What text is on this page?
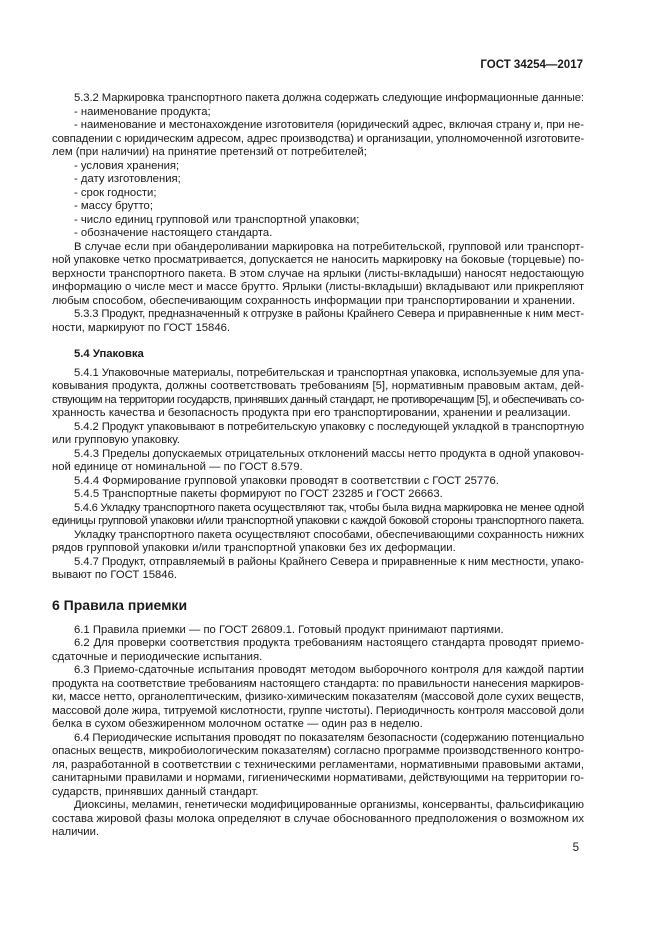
ГОСТ 34254—2017
5.3.2 Маркировка транспортного пакета должна содержать следующие информационные данные:
- наименование продукта;
- наименование и местонахождение изготовителя (юридический адрес, включая страну и, при не-
совпадении с юридическим адресом, адрес производства) и организации, уполномоченной изготовите-
лем (при наличии) на принятие претензий от потребителей;
- условия хранения;
- дату изготовления;
- срок годности;
- массу брутто;
- число единиц групповой или транспортной упаковки;
- обозначение настоящего стандарта.
В случае если при обандероливании маркировка на потребительской, групповой или транспорт-
ной упаковке четко просматривается, допускается не наносить маркировку на боковые (торцевые) по-
верхности транспортного пакета. В этом случае на ярлыки (листы-вкладыши) наносят недостающую
информацию о числе мест и массе брутто. Ярлыки (листы-вкладыши) вкладывают или прикрепляют
любым способом, обеспечивающим сохранность информации при транспортировании и хранении.
5.3.3 Продукт, предназначенный к отгрузке в районы Крайнего Севера и приравненные к ним мест-
ности, маркируют по ГОСТ 15846.
5.4 Упаковка
5.4.1 Упаковочные материалы, потребительская и транспортная упаковка, используемые для упа-
ковывания продукта, должны соответствовать требованиям [5], нормативным правовым актам, дей-
ствующим на территории государств, принявших данный стандарт, не противоречащим [5], и обеспечивать со-
хранность качества и безопасность продукта при его транспортировании, хранении и реализации.
5.4.2 Продукт упаковывают в потребительскую упаковку с последующей укладкой в транспортную
или групповую упаковку.
5.4.3 Пределы допускаемых отрицательных отклонений массы нетто продукта в одной упаковоч-
ной единице от номинальной — по ГОСТ 8.579.
5.4.4 Формирование групповой упаковки проводят в соответствии с ГОСТ 25776.
5.4.5 Транспортные пакеты формируют по ГОСТ 23285 и ГОСТ 26663.
5.4.6 Укладку транспортного пакета осуществляют так, чтобы была видна маркировка не менее одной
единицы групповой упаковки и/или транспортной упаковки с каждой боковой стороны транспортного пакета.
Укладку транспортного пакета осуществляют способами, обеспечивающими сохранность нижних
рядов групповой упаковки и/или транспортной упаковки без их деформации.
5.4.7 Продукт, отправляемый в районы Крайнего Севера и приравненные к ним местности, упако-
вывают по ГОСТ 15846.
6 Правила приемки
6.1 Правила приемки — по ГОСТ 26809.1. Готовый продукт принимают партиями.
6.2 Для проверки соответствия продукта требованиям настоящего стандарта проводят приемо-
сдаточные и периодические испытания.
6.3 Приемо-сдаточные испытания проводят методом выборочного контроля для каждой партии
продукта на соответствие требованиям настоящего стандарта: по правильности нанесения маркиров-
ки, массе нетто, органолептическим, физико-химическим показателям (массовой доле сухих веществ,
массовой доле жира, титруемой кислотности, группе чистоты). Периодичность контроля массовой доли
белка в сухом обезжиренном молочном остатке — один раз в неделю.
6.4 Периодические испытания проводят по показателям безопасности (содержанию потенциально
опасных веществ, микробиологическим показателям) согласно программе производственного контро-
ля, разработанной в соответствии с техническими регламентами, нормативными правовыми актами,
санитарными правилами и нормами, гигиеническими нормативами, действующими на территории го-
сударств, принявших данный стандарт.
Диоксины, меламин, генетически модифицированные организмы, консерванты, фальсификацию
состава жировой фазы молока определяют в случае обоснованного предположения о возможном их
наличии.
5
